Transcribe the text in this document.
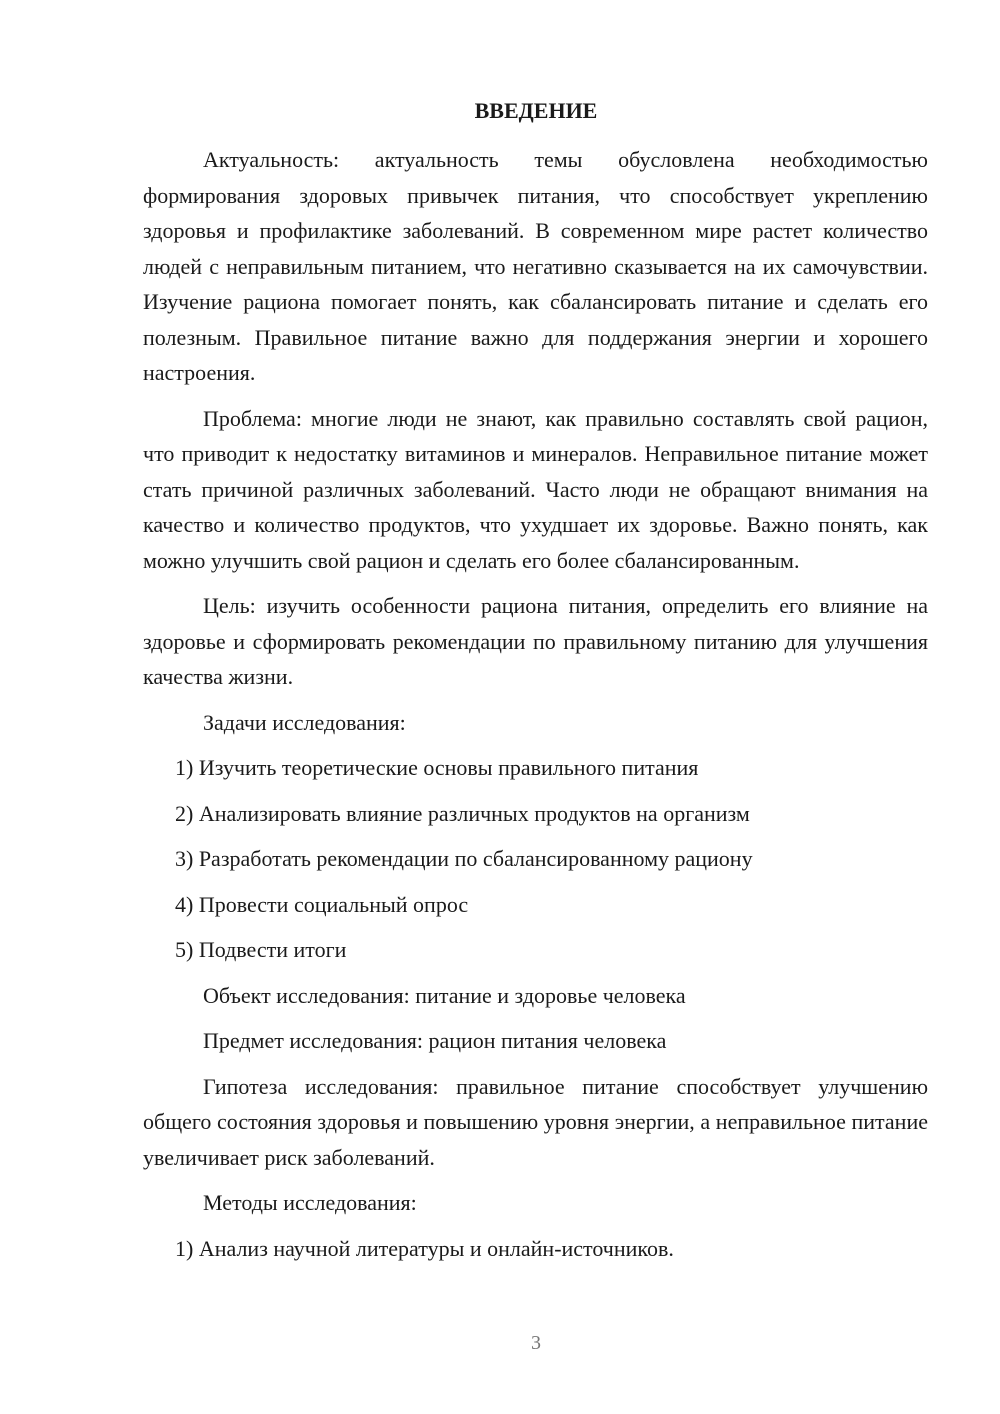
ВВЕДЕНИЕ

Актуальность: актуальность темы обусловлена необходимостью формирования здоровых привычек питания, что способствует укреплению здоровья и профилактике заболеваний. В современном мире растет количество людей с неправильным питанием, что негативно сказывается на их самочувствии. Изучение рациона помогает понять, как сбалансировать питание и сделать его полезным. Правильное питание важно для поддержания энергии и хорошего настроения.

Проблема: многие люди не знают, как правильно составлять свой рацион, что приводит к недостатку витаминов и минералов. Неправильное питание может стать причиной различных заболеваний. Часто люди не обращают внимания на качество и количество продуктов, что ухудшает их здоровье. Важно понять, как можно улучшить свой рацион и сделать его более сбалансированным.

Цель: изучить особенности рациона питания, определить его влияние на здоровье и сформировать рекомендации по правильному питанию для улучшения качества жизни.

Задачи исследования:

1) Изучить теоретические основы правильного питания

2) Анализировать влияние различных продуктов на организм

3) Разработать рекомендации по сбалансированному рациону

4) Провести социальный опрос

5) Подвести итоги

Объект исследования: питание и здоровье человека

Предмет исследования: рацион питания человека

Гипотеза исследования: правильное питание способствует улучшению общего состояния здоровья и повышению уровня энергии, а неправильное питание увеличивает риск заболеваний.

Методы исследования:

1) Анализ научной литературы и онлайн-источников.

3
